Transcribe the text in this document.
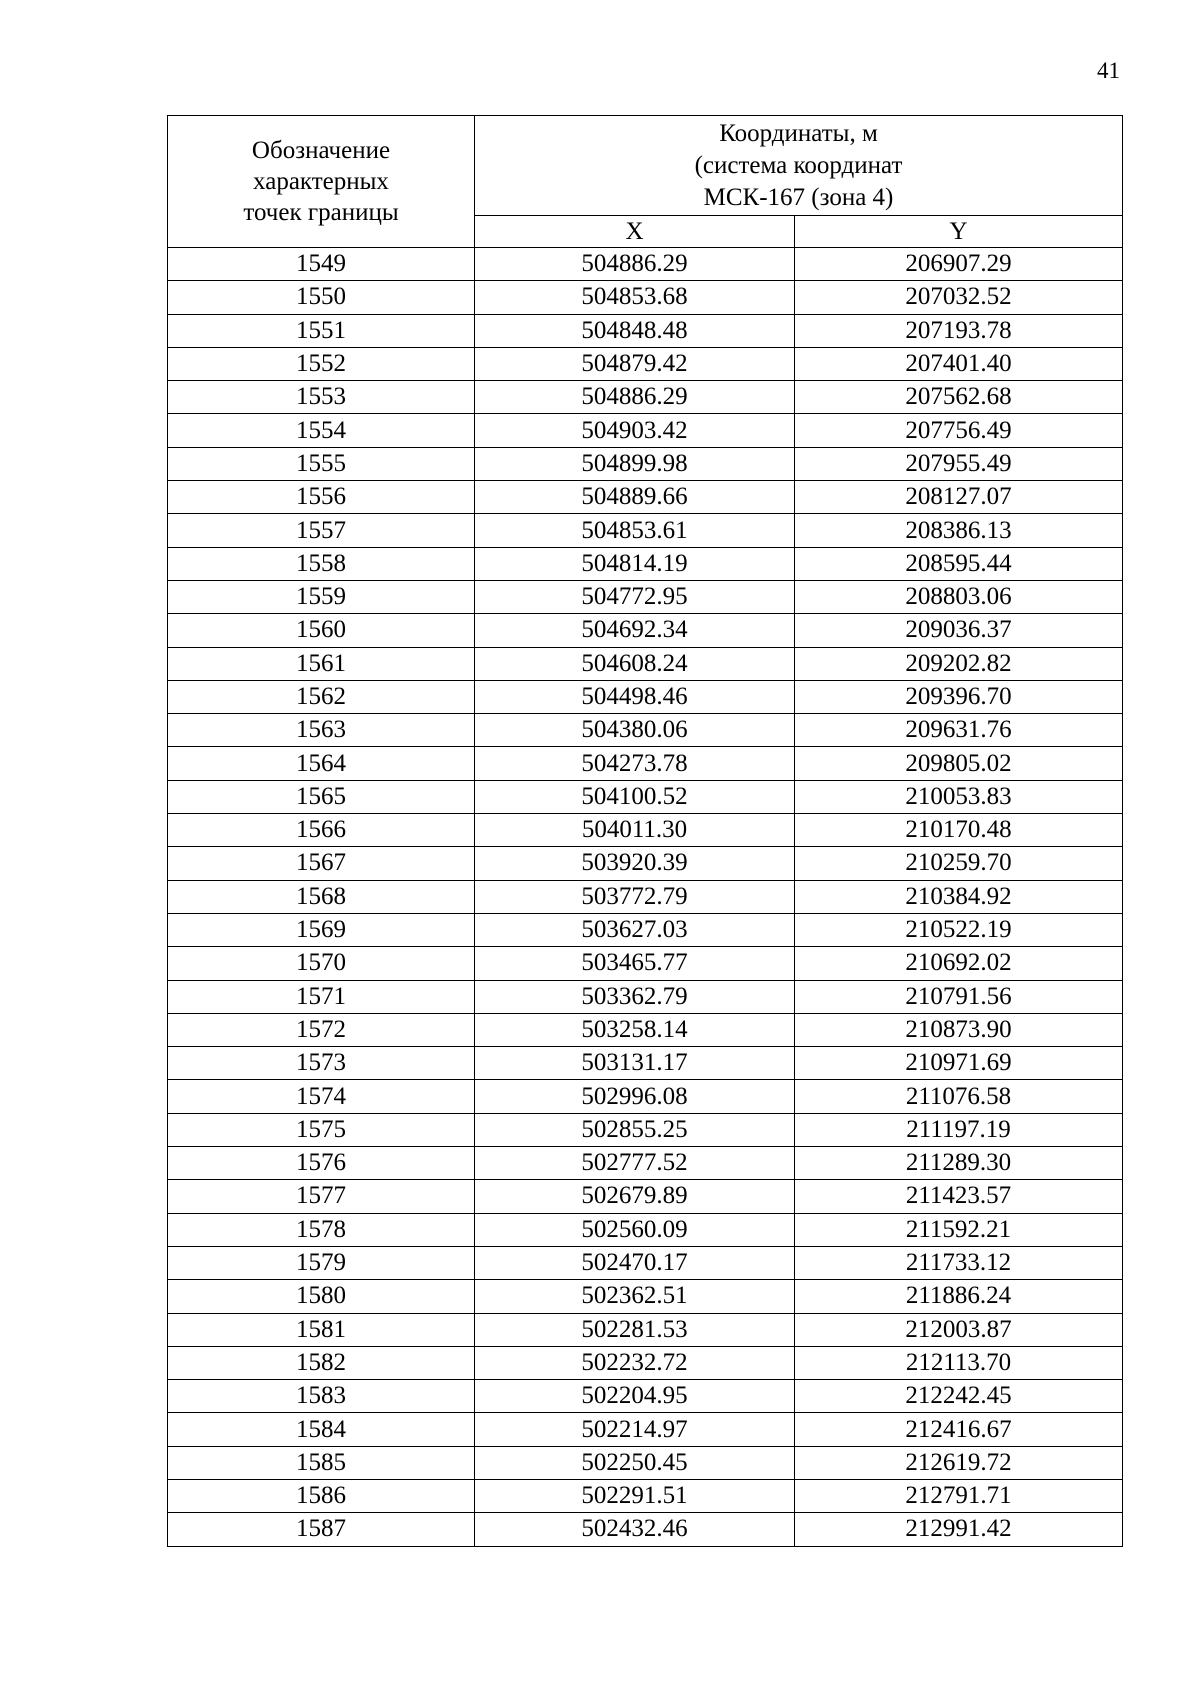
41
Обозначение
характерных
точек границы	Координаты, м
(система координат
МСК-167 (зона 4)	

	X	Y
1549	504886.29	206907.29
1550	504853.68	207032.52
1551	504848.48	207193.78
1552	504879.42	207401.40
1553	504886.29	207562.68
1554	504903.42	207756.49
1555	504899.98	207955.49
1556	504889.66	208127.07
1557	504853.61	208386.13
1558	504814.19	208595.44
1559	504772.95	208803.06
1560	504692.34	209036.37
1561	504608.24	209202.82
1562	504498.46	209396.70
1563	504380.06	209631.76
1564	504273.78	209805.02
1565	504100.52	210053.83
1566	504011.30	210170.48
1567	503920.39	210259.70
1568	503772.79	210384.92
1569	503627.03	210522.19
1570	503465.77	210692.02
1571	503362.79	210791.56
1572	503258.14	210873.90
1573	503131.17	210971.69
1574	502996.08	211076.58
1575	502855.25	211197.19
1576	502777.52	211289.30
1577	502679.89	211423.57
1578	502560.09	211592.21
1579	502470.17	211733.12
1580	502362.51	211886.24
1581	502281.53	212003.87
1582	502232.72	212113.70
1583	502204.95	212242.45
1584	502214.97	212416.67
1585	502250.45	212619.72
1586	502291.51	212791.71
1587	502432.46	212991.42
